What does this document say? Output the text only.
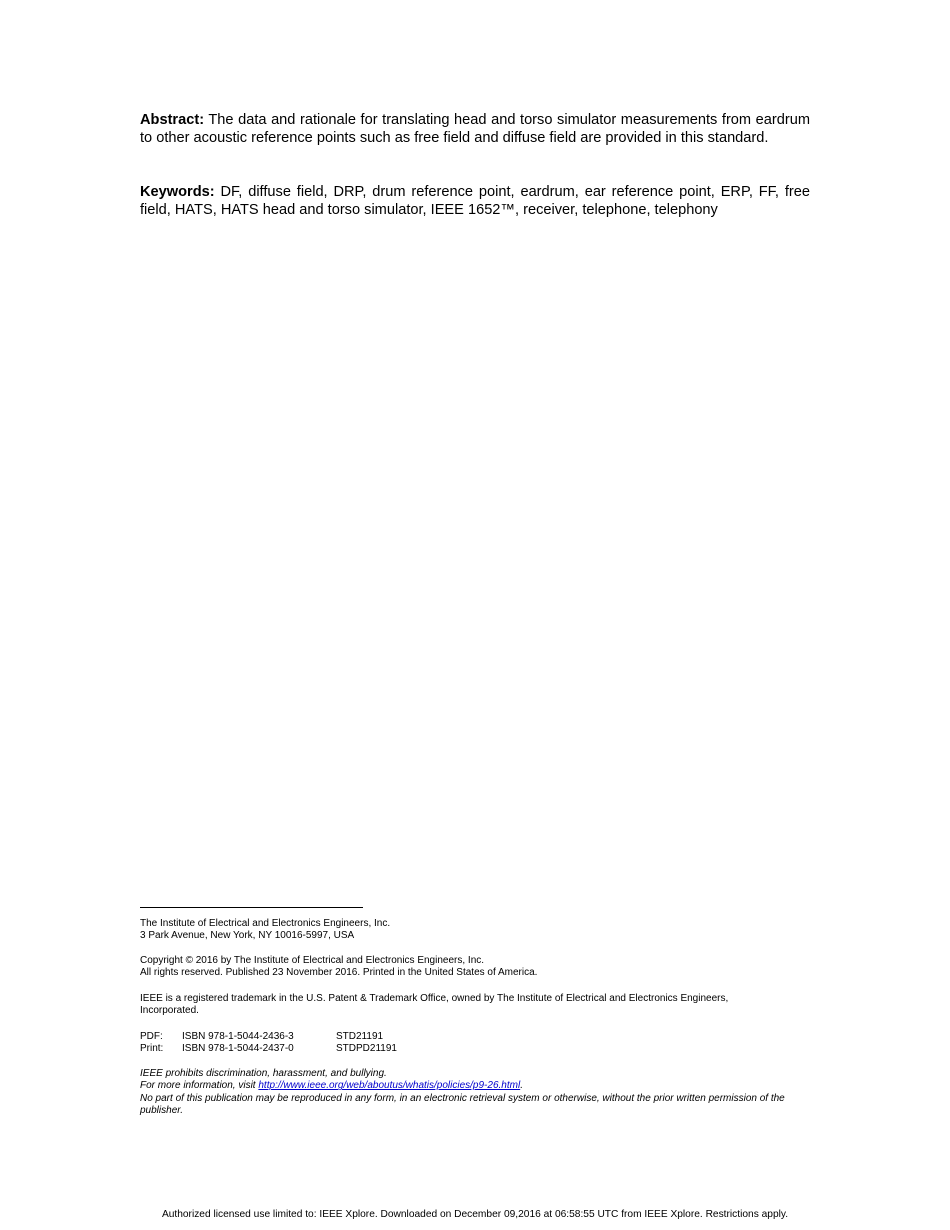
Abstract: The data and rationale for translating head and torso simulator measurements from eardrum to other acoustic reference points such as free field and diffuse field are provided in this standard.

Keywords: DF, diffuse field, DRP, drum reference point, eardrum, ear reference point, ERP, FF, free field, HATS, HATS head and torso simulator, IEEE 1652™, receiver, telephone, telephony

The Institute of Electrical and Electronics Engineers, Inc.
3 Park Avenue, New York, NY 10016-5997, USA
Copyright © 2016 by The Institute of Electrical and Electronics Engineers, Inc.
All rights reserved. Published 23 November 2016. Printed in the United States of America.
IEEE is a registered trademark in the U.S. Patent & Trademark Office, owned by The Institute of Electrical and Electronics Engineers, Incorporated.
PDF:	ISBN 978-1-5044-2436-3	STD21191
Print:	ISBN 978-1-5044-2437-0	STDPD21191
IEEE prohibits discrimination, harassment, and bullying.
For more information, visit http://www.ieee.org/web/aboutus/whatis/policies/p9-26.html.
No part of this publication may be reproduced in any form, in an electronic retrieval system or otherwise, without the prior written permission of the publisher.
Authorized licensed use limited to: IEEE Xplore. Downloaded on December 09,2016 at 06:58:55 UTC from IEEE Xplore. Restrictions apply.
